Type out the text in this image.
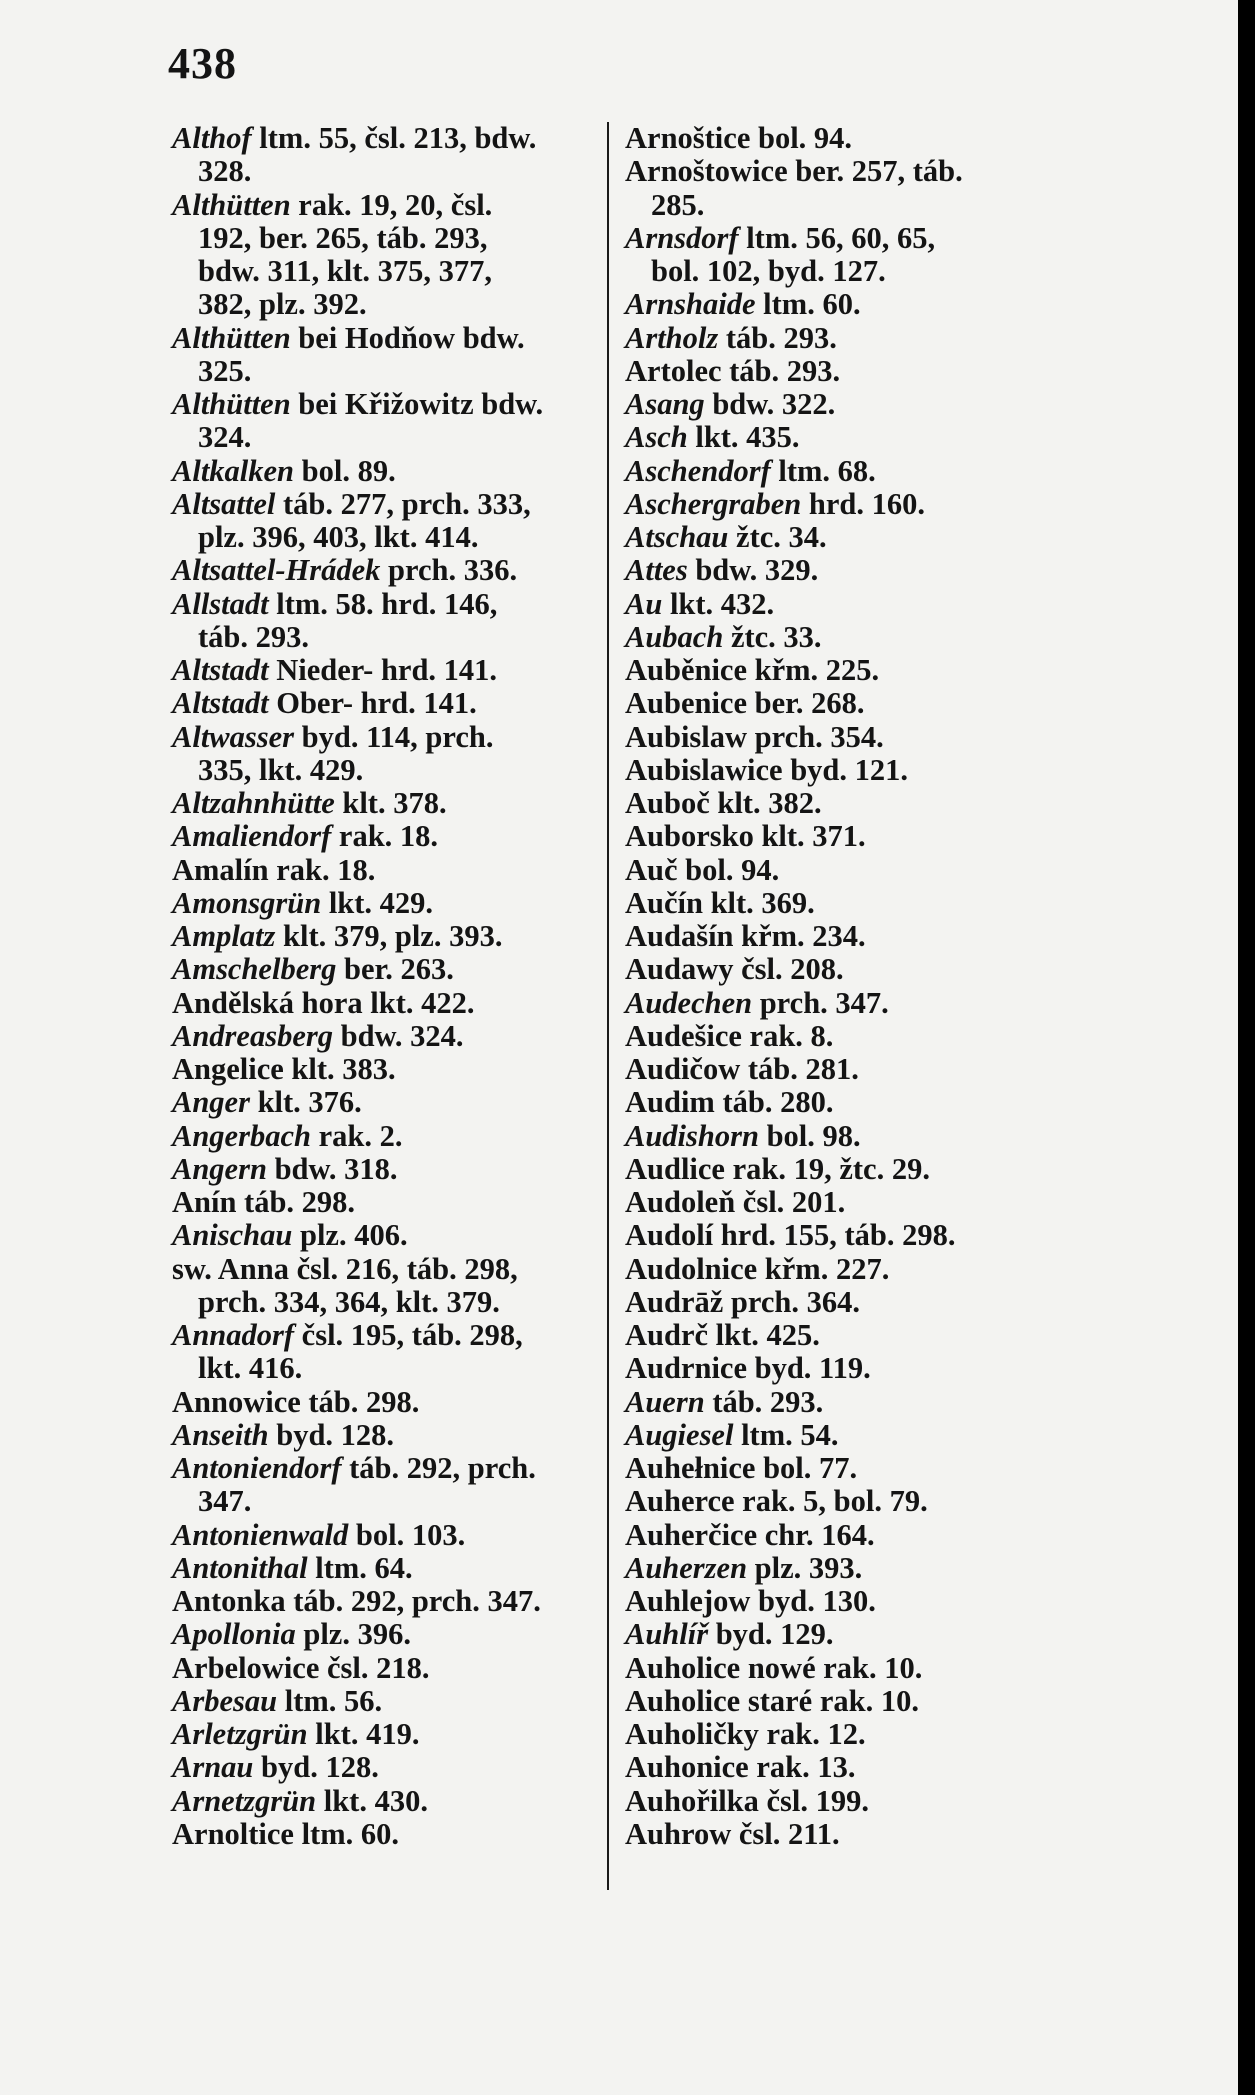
438
Althof ltm. 55, čsl. 213, bdw.
328.
Althütten rak. 19, 20, čsl.
192, ber. 265, táb. 293,
bdw. 311, klt. 375, 377,
382, plz. 392.
Althütten bei Hodňow bdw.
325.
Althütten bei Křižowitz bdw.
324.
Altkalken bol. 89.
Altsattel táb. 277, prch. 333,
plz. 396, 403, lkt. 414.
Altsattel-Hrádek prch. 336.
Allstadt ltm. 58. hrd. 146,
táb. 293.
Altstadt Nieder- hrd. 141.
Altstadt Ober- hrd. 141.
Altwasser byd. 114, prch.
335, lkt. 429.
Altzahnhütte klt. 378.
Amaliendorf rak. 18.
Amalín rak. 18.
Amonsgrün lkt. 429.
Amplatz klt. 379, plz. 393.
Amschelberg ber. 263.
Andělská hora lkt. 422.
Andreasberg bdw. 324.
Angelice klt. 383.
Anger klt. 376.
Angerbach rak. 2.
Angern bdw. 318.
Anín táb. 298.
Anischau plz. 406.
sw. Anna čsl. 216, táb. 298,
prch. 334, 364, klt. 379.
Annadorf čsl. 195, táb. 298,
lkt. 416.
Annowice táb. 298.
Anseith byd. 128.
Antoniendorf táb. 292, prch.
347.
Antonienwald bol. 103.
Antonithal ltm. 64.
Antonka táb. 292, prch. 347.
Apollonia plz. 396.
Arbelowice čsl. 218.
Arbesau ltm. 56.
Arletzgrün lkt. 419.
Arnau byd. 128.
Arnetzgrün lkt. 430.
Arnoltice ltm. 60.
Arnoštice bol. 94.
Arnoštowice ber. 257, táb.
285.
Arnsdorf ltm. 56, 60, 65,
bol. 102, byd. 127.
Arnshaide ltm. 60.
Artholz táb. 293.
Artolec táb. 293.
Asang bdw. 322.
Asch lkt. 435.
Aschendorf ltm. 68.
Aschergraben hrd. 160.
Atschau žtc. 34.
Attes bdw. 329.
Au lkt. 432.
Aubach žtc. 33.
Auběnice křm. 225.
Aubenice ber. 268.
Aubislaw prch. 354.
Aubislawice byd. 121.
Auboč klt. 382.
Auborsko klt. 371.
Auč bol. 94.
Aučín klt. 369.
Audašín křm. 234.
Audawy čsl. 208.
Audechen prch. 347.
Audešice rak. 8.
Audičow táb. 281.
Audim táb. 280.
Audishorn bol. 98.
Audlice rak. 19, žtc. 29.
Audoleň čsl. 201.
Audolí hrd. 155, táb. 298.
Audolnice křm. 227.
Audrāž prch. 364.
Audrč lkt. 425.
Audrnice byd. 119.
Auern táb. 293.
Augiesel ltm. 54.
Auhełnice bol. 77.
Auherce rak. 5, bol. 79.
Auherčice chr. 164.
Auherzen plz. 393.
Auhlejow byd. 130.
Auhlíř byd. 129.
Auholice nowé rak. 10.
Auholice staré rak. 10.
Auholičky rak. 12.
Auhonice rak. 13.
Auhořilka čsl. 199.
Auhrow čsl. 211.
